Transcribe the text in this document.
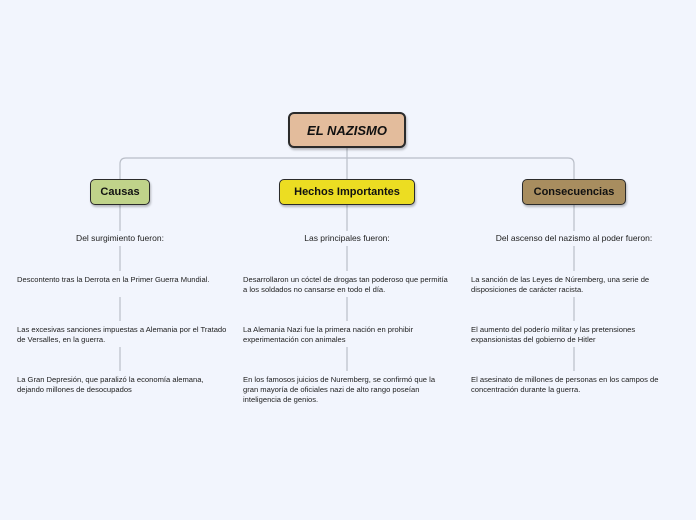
EL NAZISMO
Causas	Hechos Importantes	Consecuencias
Del surgimiento fueron:	Las principales fueron:	Del ascenso del nazismo al poder fueron:
Descontento tras la Derrota en la Primer Guerra Mundial.
Las excesivas sanciones impuestas a Alemania por el Tratado de Versalles, en la guerra.
La Gran Depresión, que paralizó la economía alemana, dejando millones de desocupados
Desarrollaron un cóctel de drogas tan poderoso que permitía a los soldados no cansarse en todo el día.
La Alemania Nazi fue la primera nación en prohibir experimentación con animales
En los famosos juicios de Nuremberg, se confirmó que la gran mayoría de oficiales nazi de alto rango poseían inteligencia de genios.
La sanción de las Leyes de Núremberg, una serie de disposiciones de carácter racista.
El aumento del poderío militar y las pretensiones expansionistas del gobierno de Hitler
El asesinato de millones de personas en los campos de concentración durante la guerra.
